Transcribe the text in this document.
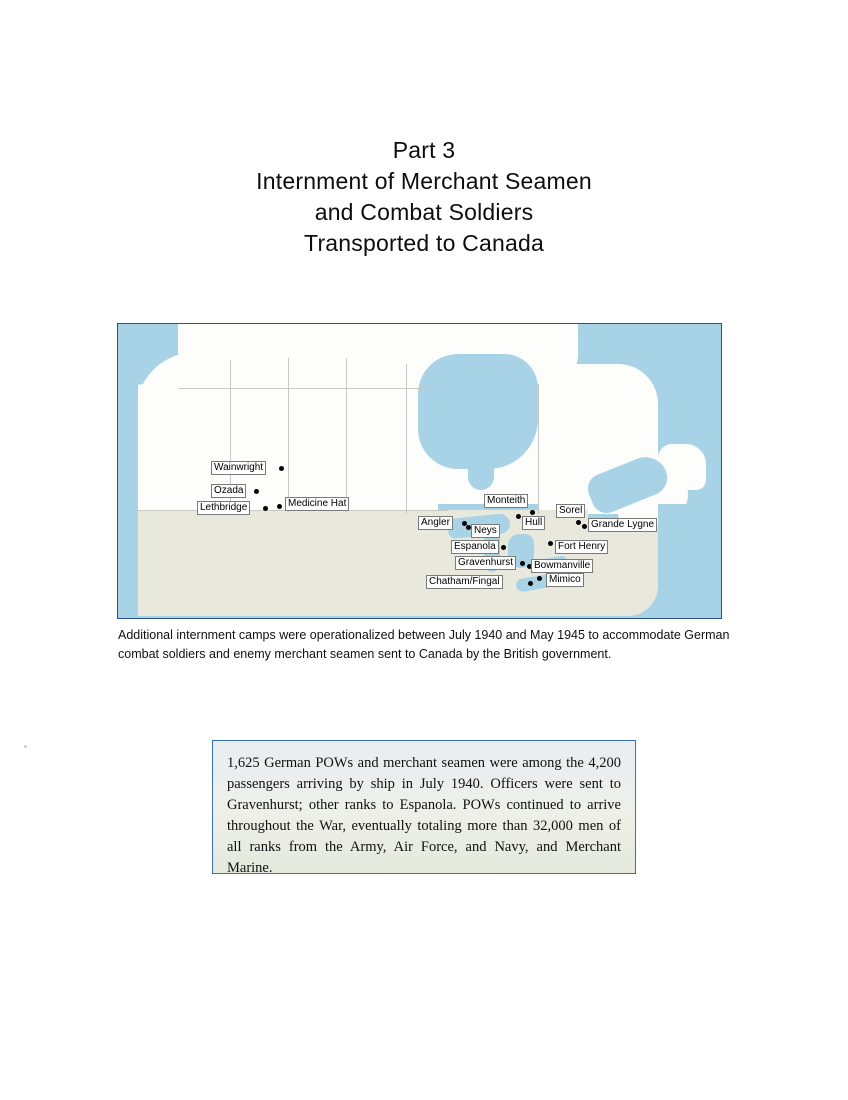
Part 3
Internment of Merchant Seamen
and Combat Soldiers
Transported to Canada
Wainwright
Ozada
Lethbridge	Medicine Hat	Monteith
Sorel
Angler
Neys
Hull	Grande Lygne
Espanola	Fort Henry
Gravenhurst	Bowmanville
Mimico
Chatham/Fingal
Additional internment camps were operationalized between July 1940 and May 1945 to accommodate German combat soldiers and enemy merchant seamen sent to Canada by the British government.
1,625 German POWs and merchant seamen were among the 4,200 passengers arriving by ship in July 1940. Officers were sent to Gravenhurst; other ranks to Espanola. POWs continued to arrive throughout the War, eventually totaling more than 32,000 men of all ranks from the Army, Air Force, and Navy, and Merchant Marine.
